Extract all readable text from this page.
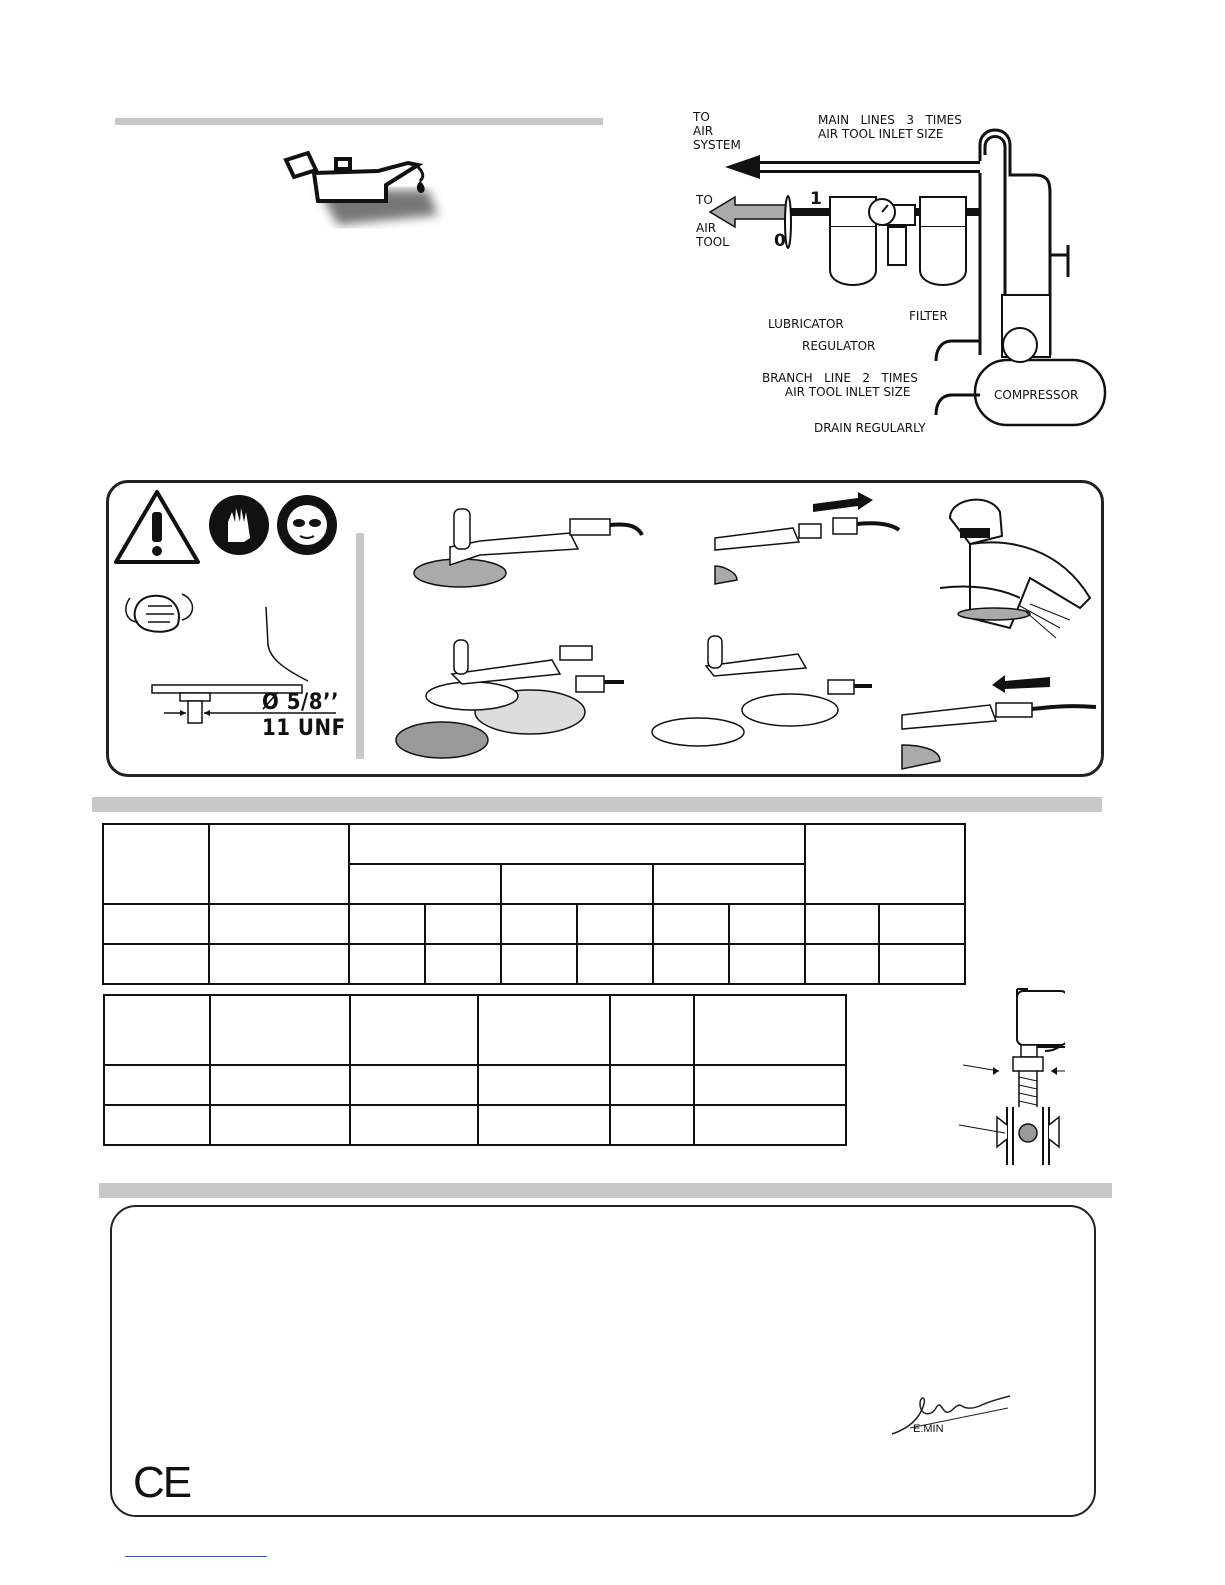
TO
AIR
SYSTEM
MAIN   LINES   3   TIMES
AIR TOOL INLET SIZE
TO

AIR
TOOL
1
0
LUBRICATOR
REGULATOR
FILTER
BRANCH   LINE   2   TIMES
AIR TOOL INLET SIZE	COMPRESSOR
DRAIN REGULARLY
Ø 5/8’’
11 UNF

E.MIN
CE
